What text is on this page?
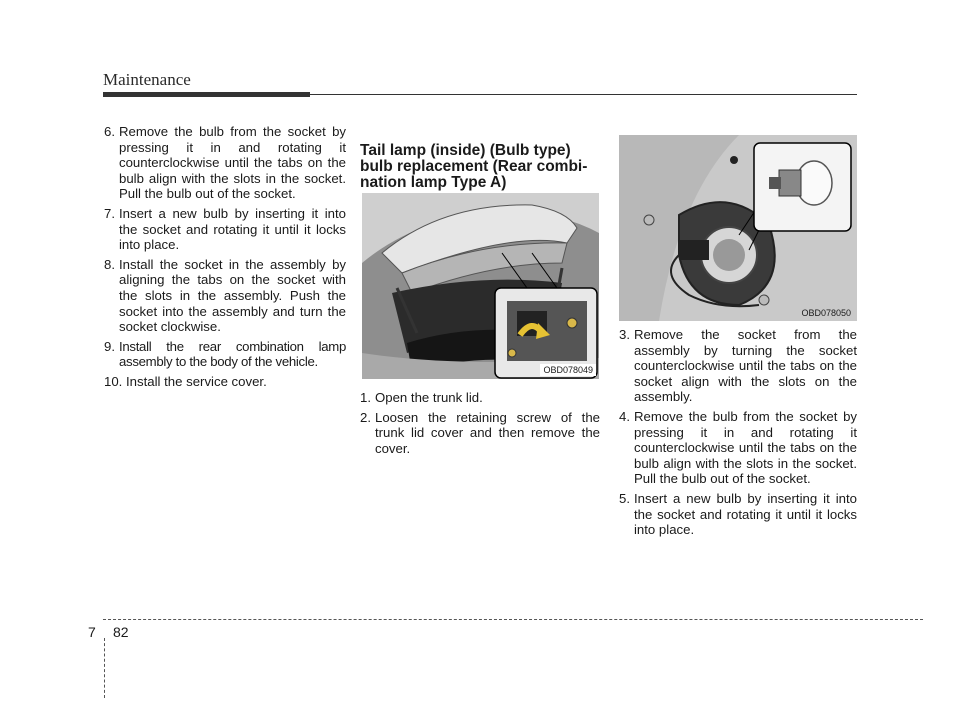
Maintenance
6. Remove the bulb from the socket by pressing it in and rotating it counterclockwise until the tabs on the bulb align with the slots in the socket. Pull the bulb out of the socket.
7. Insert a new bulb by inserting it into the socket and rotating it until it locks into place.
8. Install the socket in the assembly by aligning the tabs on the socket with the slots in the assembly. Push the socket into the assembly and turn the socket clockwise.
9. Install the rear combination lamp assembly to the body of the vehicle.
10. Install the service cover.
Tail lamp (inside) (Bulb type) bulb replacement (Rear combi-nation lamp Type A)
1. Open the trunk lid.
2. Loosen the retaining screw of the trunk lid cover and then remove the cover.
OBD078049
OBD078050
3. Remove the socket from the assembly by turning the socket counterclockwise until the tabs on the socket align with the slots on the assembly.
4. Remove the bulb from the socket by pressing it in and rotating it counterclockwise until the tabs on the bulb align with the slots in the socket. Pull the bulb out of the socket.
5. Insert a new bulb by inserting it into the socket and rotating it until it locks into place.
7 82
